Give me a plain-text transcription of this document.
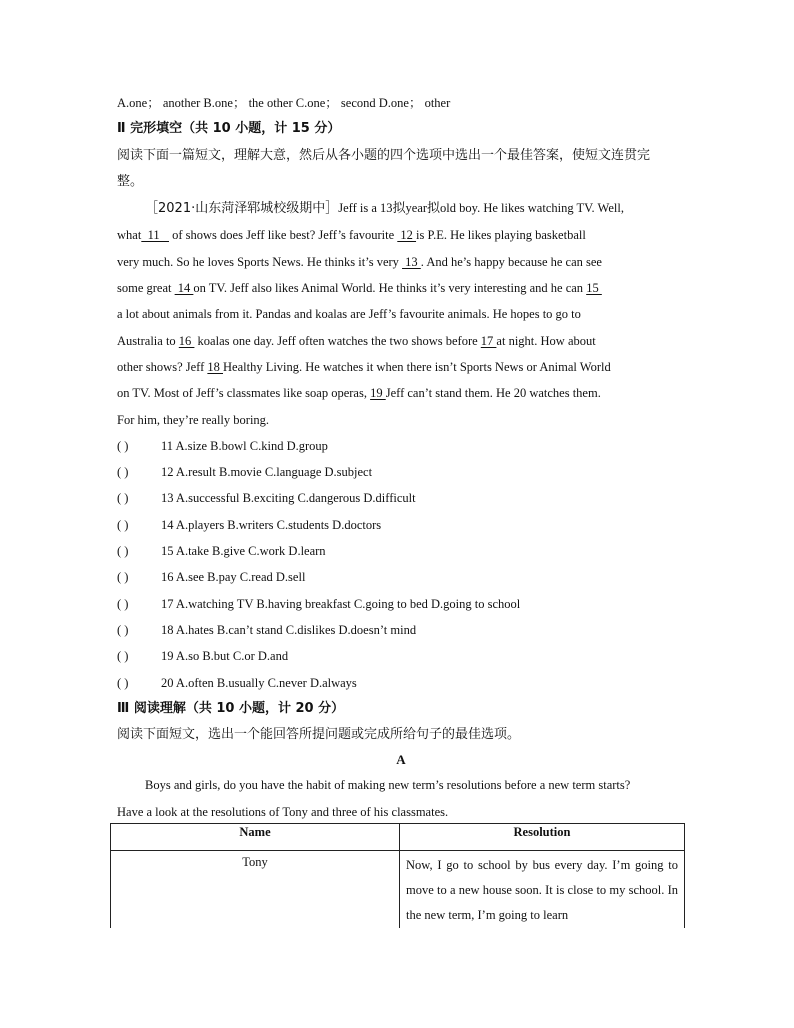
A.one； another B.one； the other C.one； second D.one； other
Ⅱ 完形填空（共 10 小题，计 15 分）
阅读下面一篇短文，理解大意，然后从各小题的四个选项中选出一个最佳答案，使短文连贯完
整。
［2021·山东菏泽郓城校级期中］Jeff is a 13拟year拟old boy. He likes watching TV. Well,
what  11    of shows does Jeff like best? Jeff’s favourite  12 is P.E. He likes playing basketball
very much. So he loves Sports News. He thinks it’s very  13 . And he’s happy because he can see
some great  14 on TV. Jeff also likes Animal World. He thinks it’s very interesting and he can 15
a lot about animals from it. Pandas and koalas are Jeff’s favourite animals. He hopes to go to
Australia to 16  koalas one day. Jeff often watches the two shows before 17 at night. How about
other shows? Jeff 18 Healthy Living. He watches it when there isn’t Sports News or Animal World
on TV. Most of Jeff’s classmates like soap operas, 19 Jeff can’t stand them. He 20 watches them.
For him, they’re really boring.
( )	11 A.size B.bowl C.kind D.group
( )	12 A.result B.movie C.language D.subject
( )	13 A.successful B.exciting C.dangerous D.difficult
( )	14 A.players B.writers C.students D.doctors
( )	15 A.take B.give C.work D.learn
( )	16 A.see B.pay C.read D.sell
( )	17 A.watching TV B.having breakfast C.going to bed D.going to school
( )	18 A.hates B.can’t stand C.dislikes D.doesn’t mind
( )	19 A.so B.but C.or D.and
( )	20 A.often B.usually C.never D.always
Ⅲ 阅读理解（共 10 小题，计 20 分）
阅读下面短文，选出一个能回答所提问题或完成所给句子的最佳选项。
A
Boys and girls, do you have the habit of making new term’s resolutions before a new term starts?
Have a look at the resolutions of Tony and three of his classmates.
Name	Resolution
Tony	Now, I go to school by bus every day. I’m going to move to a new house soon. It is close to my school. In the new term, I’m going to learn
